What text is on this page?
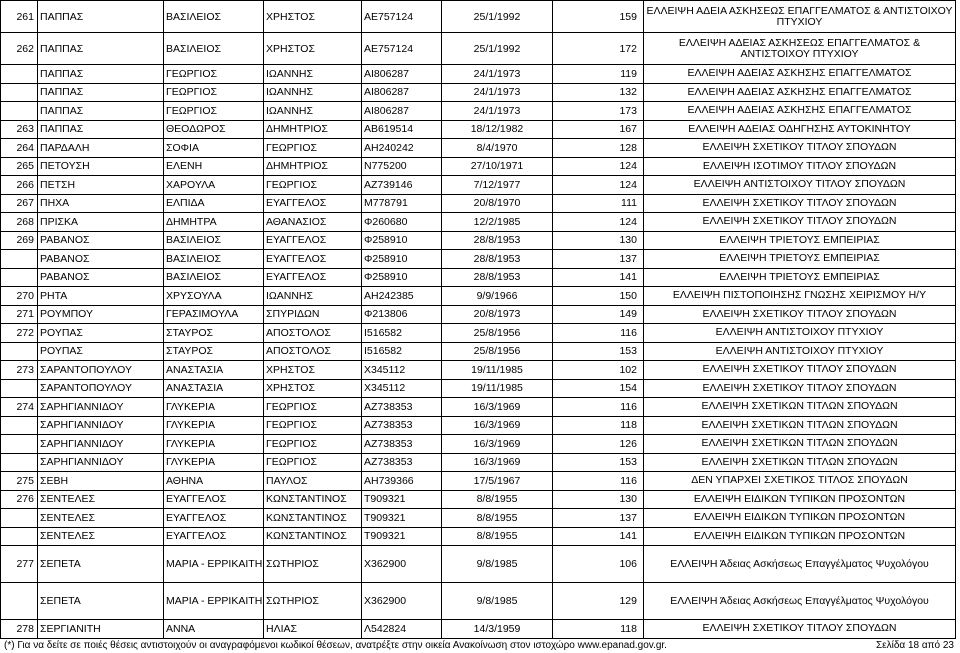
261	ΠΑΠΠΑΣ	ΒΑΣΙΛΕΙΟΣ	ΧΡΗΣΤΟΣ	ΑΕ757124	25/1/1992	159	ΕΛΛΕΙΨΗ ΑΔΕΙΑ ΑΣΚΗΣΕΩΣ ΕΠΑΓΓΕΛΜΑΤΟΣ & ΑΝΤΙΣΤΟΙΧΟΥ ΠΤΥΧΙΟΥ
262	ΠΑΠΠΑΣ	ΒΑΣΙΛΕΙΟΣ	ΧΡΗΣΤΟΣ	ΑΕ757124	25/1/1992	172	ΕΛΛΕΙΨΗ ΑΔΕΙΑΣ ΑΣΚΗΣΕΩΣ ΕΠΑΓΓΕΛΜΑΤΟΣ & ΑΝΤΙΣΤΟΙΧΟΥ ΠΤΥΧΙΟΥ
	ΠΑΠΠΑΣ	ΓΕΩΡΓΙΟΣ	ΙΩΑΝΝΗΣ	ΑΙ806287	24/1/1973	119	ΕΛΛΕΙΨΗ ΑΔΕΙΑΣ ΑΣΚΗΣΗΣ ΕΠΑΓΓΕΛΜΑΤΟΣ
	ΠΑΠΠΑΣ	ΓΕΩΡΓΙΟΣ	ΙΩΑΝΝΗΣ	ΑΙ806287	24/1/1973	132	ΕΛΛΕΙΨΗ ΑΔΕΙΑΣ ΑΣΚΗΣΗΣ ΕΠΑΓΓΕΛΜΑΤΟΣ
	ΠΑΠΠΑΣ	ΓΕΩΡΓΙΟΣ	ΙΩΑΝΝΗΣ	ΑΙ806287	24/1/1973	173	ΕΛΛΕΙΨΗ ΑΔΕΙΑΣ ΑΣΚΗΣΗΣ ΕΠΑΓΓΕΛΜΑΤΟΣ
263	ΠΑΠΠΑΣ	ΘΕΟΔΩΡΟΣ	ΔΗΜΗΤΡΙΟΣ	ΑΒ619514	18/12/1982	167	ΕΛΛΕΙΨΗ ΑΔΕΙΑΣ ΟΔΗΓΗΣΗΣ ΑΥΤΟΚΙΝΗΤΟΥ
264	ΠΑΡΔΑΛΗ	ΣΟΦΙΑ	ΓΕΩΡΓΙΟΣ	ΑΗ240242	8/4/1970	128	ΕΛΛΕΙΨΗ ΣΧΕΤΙΚΟΥ ΤΙΤΛΟΥ ΣΠΟΥΔΩΝ
265	ΠΕΤΟΥΣΗ	ΕΛΕΝΗ	ΔΗΜΗΤΡΙΟΣ	Ν775200	27/10/1971	124	ΕΛΛΕΙΨΗ ΙΣΟΤΙΜΟΥ ΤΙΤΛΟΥ ΣΠΟΥΔΩΝ
266	ΠΕΤΣΗ	ΧΑΡΟΥΛΑ	ΓΕΩΡΓΙΟΣ	ΑΖ739146	7/12/1977	124	ΕΛΛΕΙΨΗ ΑΝΤΙΣΤΟΙΧΟΥ ΤΙΤΛΟΥ ΣΠΟΥΔΩΝ
267	ΠΗΧΑ	ΕΛΠΙΔΑ	ΕΥΑΓΓΕΛΟΣ	Μ778791	20/8/1970	111	ΕΛΛΕΙΨΗ ΣΧΕΤΙΚΟΥ ΤΙΤΛΟΥ ΣΠΟΥΔΩΝ
268	ΠΡΙΣΚΑ	ΔΗΜΗΤΡΑ	ΑΘΑΝΑΣΙΟΣ	Φ260680	12/2/1985	124	ΕΛΛΕΙΨΗ ΣΧΕΤΙΚΟΥ ΤΙΤΛΟΥ ΣΠΟΥΔΩΝ
269	ΡΑΒΑΝΟΣ	ΒΑΣΙΛΕΙΟΣ	ΕΥΑΓΓΕΛΟΣ	Φ258910	28/8/1953	130	ΕΛΛΕΙΨΗ ΤΡΙΕΤΟΥΣ ΕΜΠΕΙΡΙΑΣ
	ΡΑΒΑΝΟΣ	ΒΑΣΙΛΕΙΟΣ	ΕΥΑΓΓΕΛΟΣ	Φ258910	28/8/1953	137	ΕΛΛΕΙΨΗ ΤΡΙΕΤΟΥΣ ΕΜΠΕΙΡΙΑΣ
	ΡΑΒΑΝΟΣ	ΒΑΣΙΛΕΙΟΣ	ΕΥΑΓΓΕΛΟΣ	Φ258910	28/8/1953	141	ΕΛΛΕΙΨΗ ΤΡΙΕΤΟΥΣ ΕΜΠΕΙΡΙΑΣ
270	ΡΗΤΑ	ΧΡΥΣΟΥΛΑ	ΙΩΑΝΝΗΣ	ΑΗ242385	9/9/1966	150	ΕΛΛΕΙΨΗ ΠΙΣΤΟΠΟΙΗΣΗΣ ΓΝΩΣΗΣ ΧΕΙΡΙΣΜΟΥ Η/Υ
271	ΡΟΥΜΠΟΥ	ΓΕΡΑΣΙΜΟΥΛΑ	ΣΠΥΡΙΔΩΝ	Φ213806	20/8/1973	149	ΕΛΛΕΙΨΗ ΣΧΕΤΙΚΟΥ ΤΙΤΛΟΥ ΣΠΟΥΔΩΝ
272	ΡΟΥΠΑΣ	ΣΤΑΥΡΟΣ	ΑΠΟΣΤΟΛΟΣ	Ι516582	25/8/1956	116	ΕΛΛΕΙΨΗ ΑΝΤΙΣΤΟΙΧΟΥ ΠΤΥΧΙΟΥ
	ΡΟΥΠΑΣ	ΣΤΑΥΡΟΣ	ΑΠΟΣΤΟΛΟΣ	Ι516582	25/8/1956	153	ΕΛΛΕΙΨΗ ΑΝΤΙΣΤΟΙΧΟΥ ΠΤΥΧΙΟΥ
273	ΣΑΡΑΝΤΟΠΟΥΛΟΥ	ΑΝΑΣΤΑΣΙΑ	ΧΡΗΣΤΟΣ	Χ345112	19/11/1985	102	ΕΛΛΕΙΨΗ ΣΧΕΤΙΚΟΥ ΤΙΤΛΟΥ ΣΠΟΥΔΩΝ
	ΣΑΡΑΝΤΟΠΟΥΛΟΥ	ΑΝΑΣΤΑΣΙΑ	ΧΡΗΣΤΟΣ	Χ345112	19/11/1985	154	ΕΛΛΕΙΨΗ ΣΧΕΤΙΚΟΥ ΤΙΤΛΟΥ ΣΠΟΥΔΩΝ
274	ΣΑΡΗΓΙΑΝΝΙΔΟΥ	ΓΛΥΚΕΡΙΑ	ΓΕΩΡΓΙΟΣ	ΑΖ738353	16/3/1969	116	ΕΛΛΕΙΨΗ ΣΧΕΤΙΚΩΝ ΤΙΤΛΩΝ ΣΠΟΥΔΩΝ
	ΣΑΡΗΓΙΑΝΝΙΔΟΥ	ΓΛΥΚΕΡΙΑ	ΓΕΩΡΓΙΟΣ	ΑΖ738353	16/3/1969	118	ΕΛΛΕΙΨΗ ΣΧΕΤΙΚΩΝ ΤΙΤΛΩΝ ΣΠΟΥΔΩΝ
	ΣΑΡΗΓΙΑΝΝΙΔΟΥ	ΓΛΥΚΕΡΙΑ	ΓΕΩΡΓΙΟΣ	ΑΖ738353	16/3/1969	126	ΕΛΛΕΙΨΗ ΣΧΕΤΙΚΩΝ ΤΙΤΛΩΝ ΣΠΟΥΔΩΝ
	ΣΑΡΗΓΙΑΝΝΙΔΟΥ	ΓΛΥΚΕΡΙΑ	ΓΕΩΡΓΙΟΣ	ΑΖ738353	16/3/1969	153	ΕΛΛΕΙΨΗ ΣΧΕΤΙΚΩΝ ΤΙΤΛΩΝ ΣΠΟΥΔΩΝ
275	ΣΕΒΗ	ΑΘΗΝΑ	ΠΑΥΛΟΣ	ΑΗ739366	17/5/1967	116	ΔΕΝ ΥΠΑΡΧΕΙ ΣΧΕΤΙΚΟΣ ΤΙΤΛΟΣ ΣΠΟΥΔΩΝ
276	ΣΕΝΤΕΛΕΣ	ΕΥΑΓΓΕΛΟΣ	ΚΩΝΣΤΑΝΤΙΝΟΣ	Τ909321	8/8/1955	130	ΕΛΛΕΙΨΗ ΕΙΔΙΚΩΝ ΤΥΠΙΚΩΝ ΠΡΟΣΟΝΤΩΝ
	ΣΕΝΤΕΛΕΣ	ΕΥΑΓΓΕΛΟΣ	ΚΩΝΣΤΑΝΤΙΝΟΣ	Τ909321	8/8/1955	137	ΕΛΛΕΙΨΗ ΕΙΔΙΚΩΝ ΤΥΠΙΚΩΝ ΠΡΟΣΟΝΤΩΝ
	ΣΕΝΤΕΛΕΣ	ΕΥΑΓΓΕΛΟΣ	ΚΩΝΣΤΑΝΤΙΝΟΣ	Τ909321	8/8/1955	141	ΕΛΛΕΙΨΗ ΕΙΔΙΚΩΝ ΤΥΠΙΚΩΝ ΠΡΟΣΟΝΤΩΝ
277	ΣΕΠΕΤΑ	ΜΑΡΙΑ - ΕΡΡΙΚΑΙΤΗ	ΣΩΤΗΡΙΟΣ	Χ362900	9/8/1985	106	ΕΛΛΕΙΨΗ Άδειας Ασκήσεως Επαγγέλματος Ψυχολόγου
	ΣΕΠΕΤΑ	ΜΑΡΙΑ - ΕΡΡΙΚΑΙΤΗ	ΣΩΤΗΡΙΟΣ	Χ362900	9/8/1985	129	ΕΛΛΕΙΨΗ Άδειας Ασκήσεως Επαγγέλματος Ψυχολόγου
278	ΣΕΡΓΙΑΝΙΤΗ	ΑΝΝΑ	ΗΛΙΑΣ	Λ542824	14/3/1959	118	ΕΛΛΕΙΨΗ ΣΧΕΤΙΚΟΥ ΤΙΤΛΟΥ ΣΠΟΥΔΩΝ
(*) Για να δείτε σε ποιές θέσεις αντιστοιχούν οι αναγραφόμενοι κωδικοί θέσεων, ανατρέξτε στην οικεία Ανακοίνωση στον ιστοχώρο www.epanad.gov.gr.	Σελίδα 18 από 23
